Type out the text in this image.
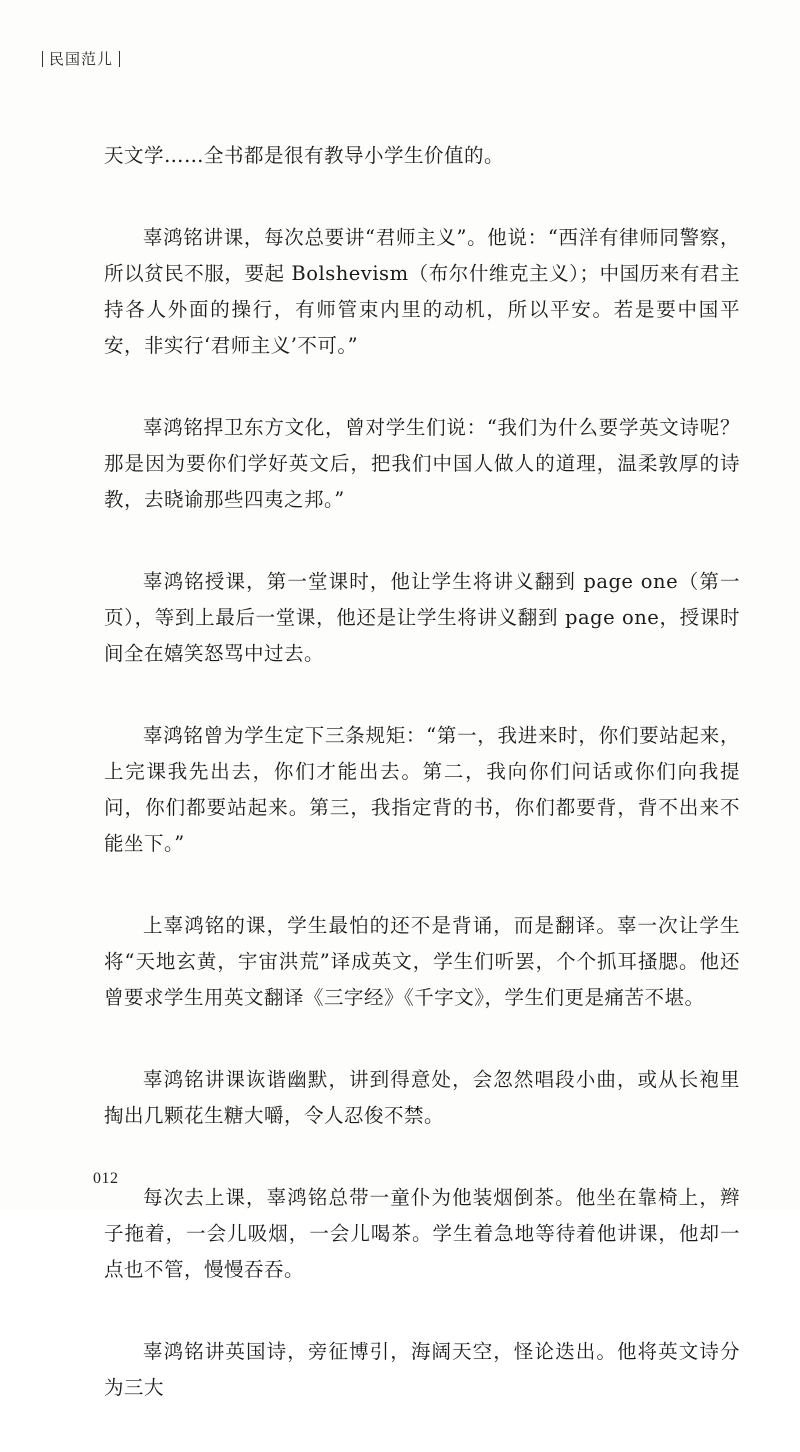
民国范儿

天文学……全书都是很有教导小学生价值的。

辜鸿铭讲课，每次总要讲“君师主义”。他说：“西洋有律师同警察，所以贫民不服，要起 Bolshevism（布尔什维克主义）；中国历来有君主持各人外面的操行，有师管束内里的动机，所以平安。若是要中国平安，非实行‘君师主义’不可。”

辜鸿铭捍卫东方文化，曾对学生们说：“我们为什么要学英文诗呢？那是因为要你们学好英文后，把我们中国人做人的道理，温柔敦厚的诗教，去晓谕那些四夷之邦。”

辜鸿铭授课，第一堂课时，他让学生将讲义翻到 page one（第一页），等到上最后一堂课，他还是让学生将讲义翻到 page one，授课时间全在嬉笑怒骂中过去。

辜鸿铭曾为学生定下三条规矩：“第一，我进来时，你们要站起来，上完课我先出去，你们才能出去。第二，我向你们问话或你们向我提问，你们都要站起来。第三，我指定背的书，你们都要背，背不出来不能坐下。”

上辜鸿铭的课，学生最怕的还不是背诵，而是翻译。辜一次让学生将“天地玄黄，宇宙洪荒”译成英文，学生们听罢，个个抓耳搔腮。他还曾要求学生用英文翻译《三字经》《千字文》，学生们更是痛苦不堪。

辜鸿铭讲课诙谐幽默，讲到得意处，会忽然唱段小曲，或从长袍里掏出几颗花生糖大嚼，令人忍俊不禁。

每次去上课，辜鸿铭总带一童仆为他装烟倒茶。他坐在靠椅上，辫子拖着，一会儿吸烟，一会儿喝茶。学生着急地等待着他讲课，他却一点也不管，慢慢吞吞。

辜鸿铭讲英国诗，旁征博引，海阔天空，怪论迭出。他将英文诗分为三大

012
